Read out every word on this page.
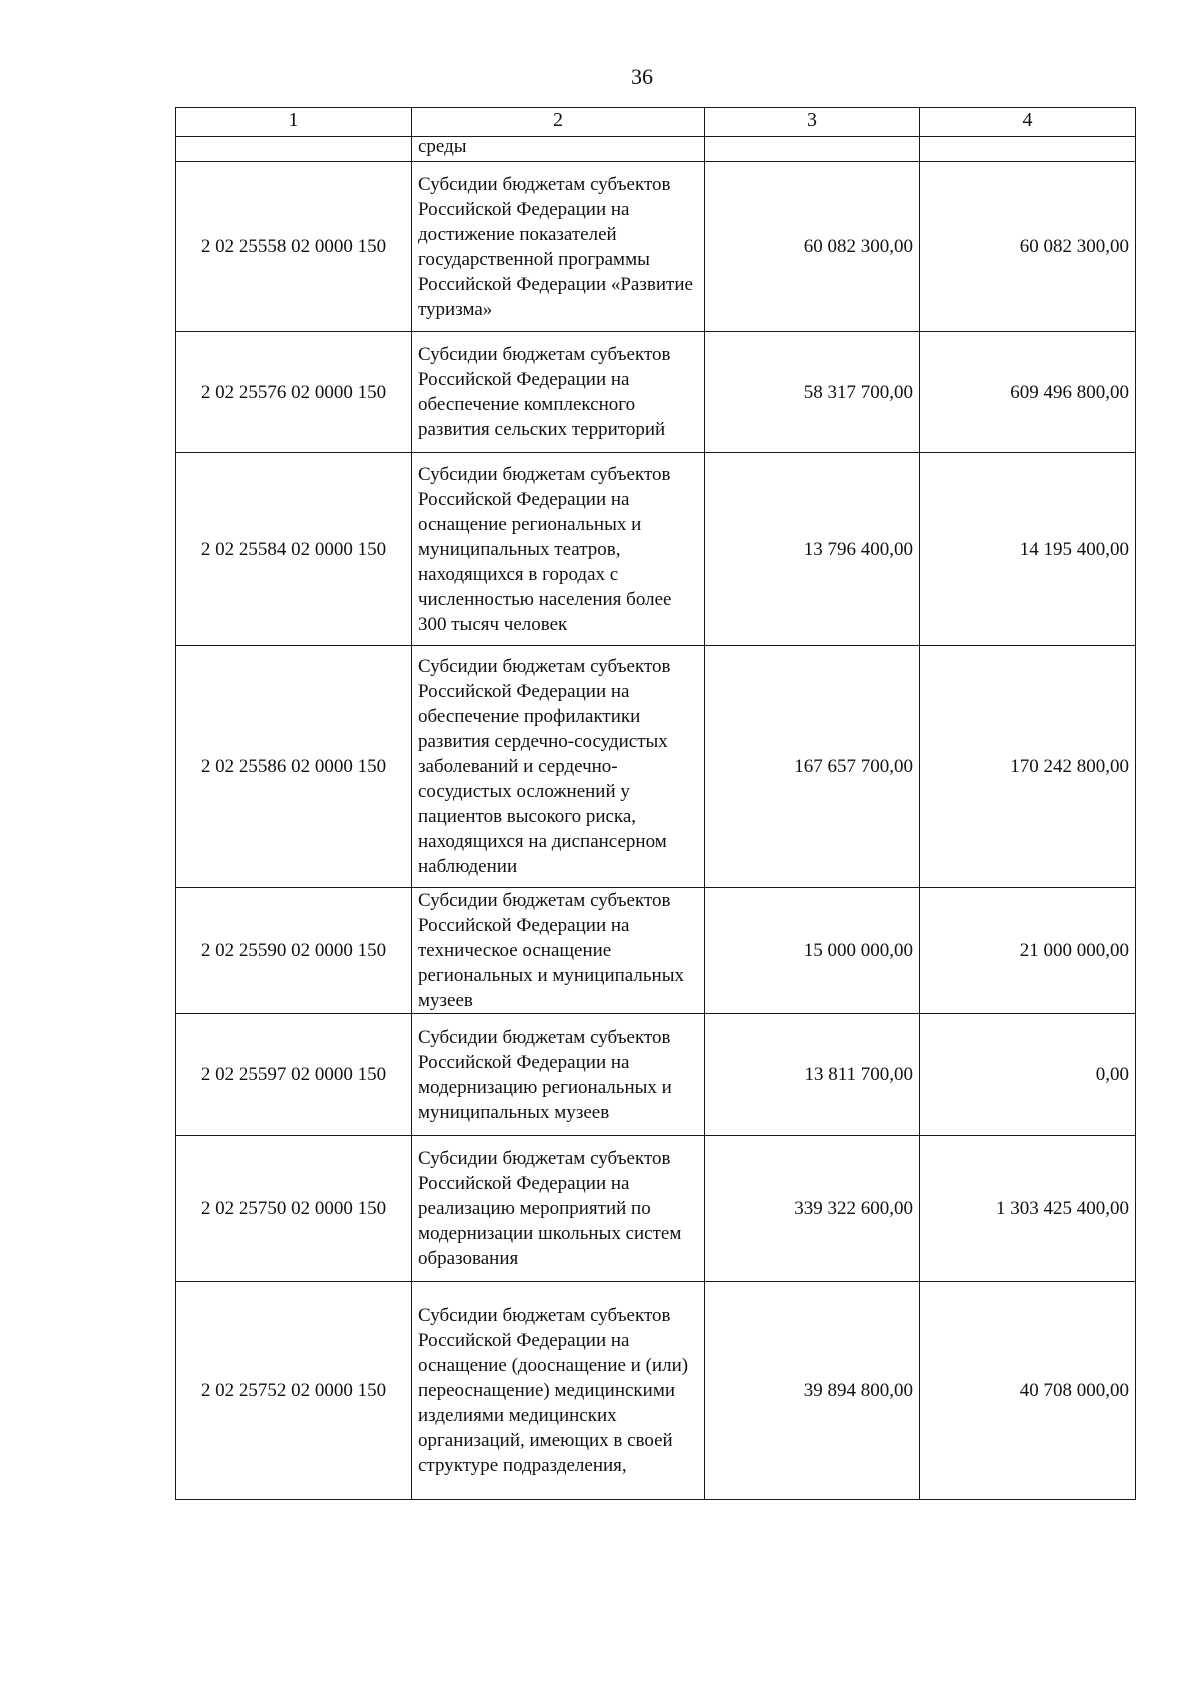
36
1	2	3	4
	среды		
2 02 25558 02 0000 150	Субсидии бюджетам субъектов Российской Федерации на достижение показателей государственной программы Российской Федерации «Развитие туризма»	60 082 300,00	60 082 300,00
2 02 25576 02 0000 150	Субсидии бюджетам субъектов Российской Федерации на обеспечение комплексного развития сельских территорий	58 317 700,00	609 496 800,00
2 02 25584 02 0000 150	Субсидии бюджетам субъектов Российской Федерации на оснащение региональных и муниципальных театров, находящихся в городах с численностью населения более 300 тысяч человек	13 796 400,00	14 195 400,00
2 02 25586 02 0000 150	Субсидии бюджетам субъектов Российской Федерации на обеспечение профилактики развития сердечно-сосудистых заболеваний и сердечно-сосудистых осложнений у пациентов высокого риска, находящихся на диспансерном наблюдении	167 657 700,00	170 242 800,00
2 02 25590 02 0000 150	Субсидии бюджетам субъектов Российской Федерации на техническое оснащение региональных и муниципальных музеев	15 000 000,00	21 000 000,00
2 02 25597 02 0000 150	Субсидии бюджетам субъектов Российской Федерации на модернизацию региональных и муниципальных музеев	13 811 700,00	0,00
2 02 25750 02 0000 150	Субсидии бюджетам субъектов Российской Федерации на реализацию мероприятий по модернизации школьных систем образования	339 322 600,00	1 303 425 400,00
2 02 25752 02 0000 150	Субсидии бюджетам субъектов Российской Федерации на оснащение (дооснащение и (или) переоснащение) медицинскими изделиями медицинских организаций, имеющих в своей структуре подразделения,	39 894 800,00	40 708 000,00
